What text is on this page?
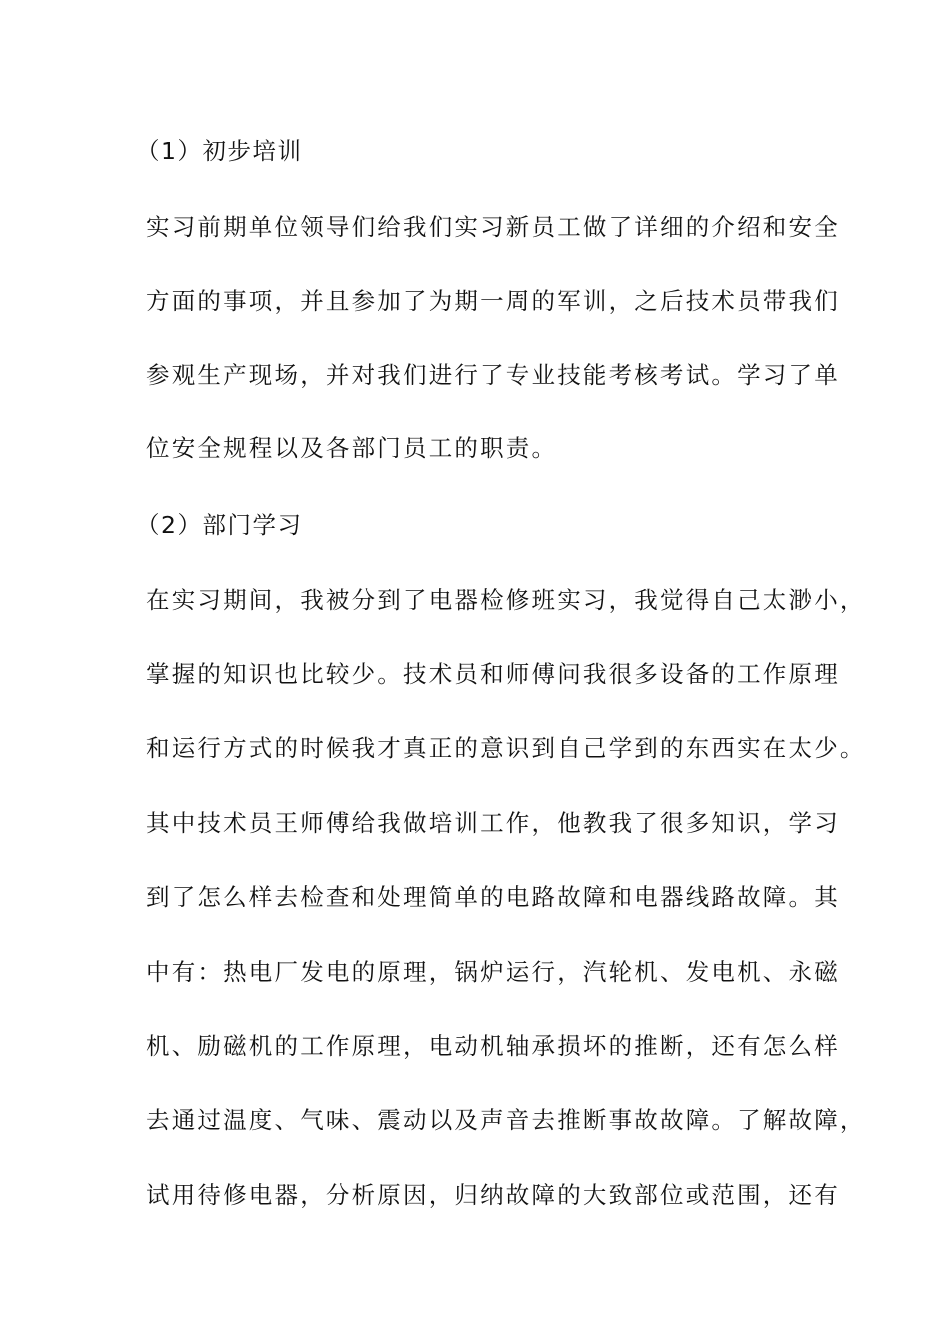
（1）初步培训
实习前期单位领导们给我们实习新员工做了详细的介绍和安全
方面的事项，并且参加了为期一周的军训，之后技术员带我们
参观生产现场，并对我们进行了专业技能考核考试。学习了单
位安全规程以及各部门员工的职责。
（2）部门学习
在实习期间，我被分到了电器检修班实习，我觉得自己太渺小，
掌握的知识也比较少。技术员和师傅问我很多设备的工作原理
和运行方式的时候我才真正的意识到自己学到的东西实在太少。
其中技术员王师傅给我做培训工作，他教我了很多知识，学习
到了怎么样去检查和处理简单的电路故障和电器线路故障。其
中有：热电厂发电的原理，锅炉运行，汽轮机、发电机、永磁
机、励磁机的工作原理，电动机轴承损坏的推断，还有怎么样
去通过温度、气味、震动以及声音去推断事故故障。了解故障，
试用待修电器，分析原因，归纳故障的大致部位或范围，还有
